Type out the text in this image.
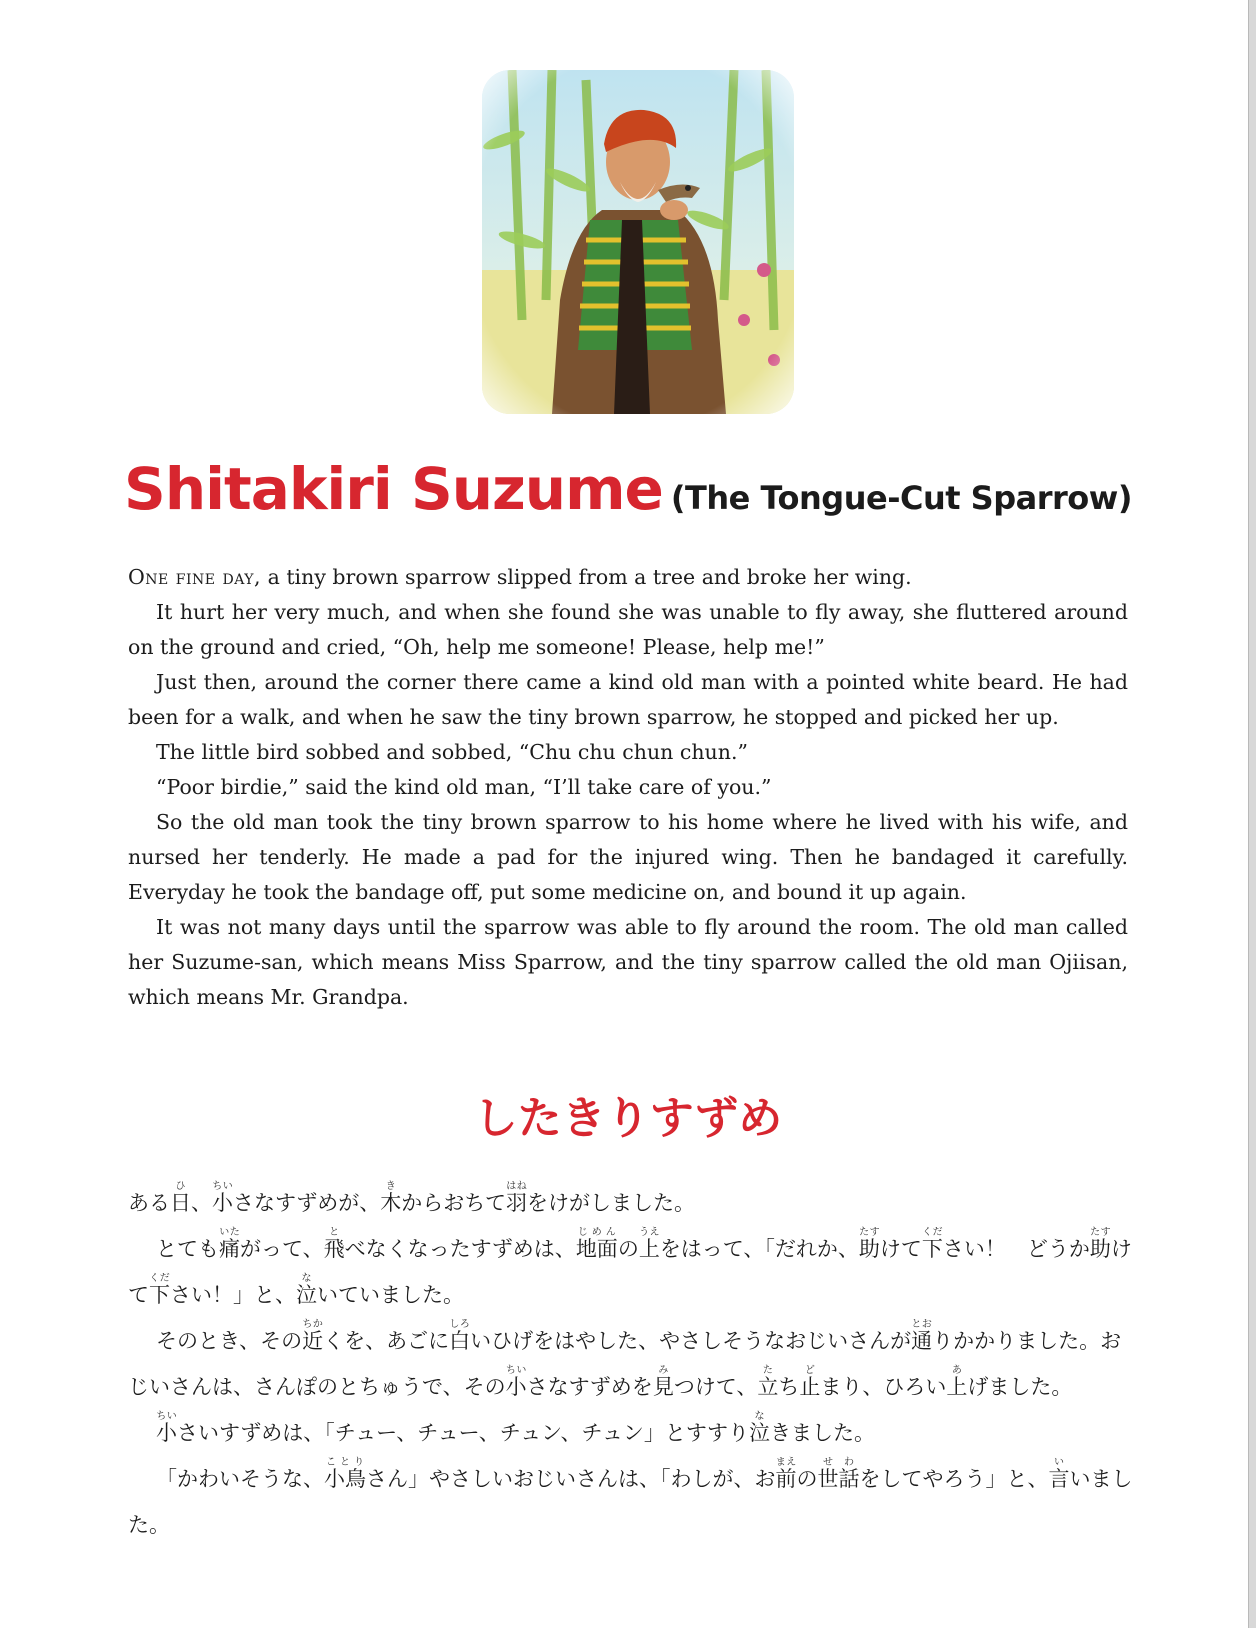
Shitakiri Suzume (The Tongue-Cut Sparrow)

One fine day, a tiny brown sparrow slipped from a tree and broke her wing.

It hurt her very much, and when she found she was unable to fly away, she fluttered around on the ground and cried, “Oh, help me someone! Please, help me!”

Just then, around the corner there came a kind old man with a pointed white beard. He had been for a walk, and when he saw the tiny brown sparrow, he stopped and picked her up.

The little bird sobbed and sobbed, “Chu chu chun chun.”

“Poor birdie,” said the kind old man, “I’ll take care of you.”

So the old man took the tiny brown sparrow to his home where he lived with his wife, and nursed her tenderly. He made a pad for the injured wing. Then he bandaged it carefully. Everyday he took the bandage off, put some medicine on, and bound it up again.

It was not many days until the sparrow was able to fly around the room. The old man called her Suzume-san, which means Miss Sparrow, and the tiny sparrow called the old man Ojiisan, which means Mr. Grandpa.

したきりすずめ

ある日ひ、小ちいさなすずめが、木きからおちて羽はねをけがしました。

とても痛いたがって、飛とべなくなったすずめは、地面じめんの上うえをはって、「だれか、助たすけて下ください！　どうか助たすけて下ください！」と、泣ないていました。

そのとき、その近ちかくを、あごに白しろいひげをはやした、やさしそうなおじいさんが通とおりかかりました。おじいさんは、さんぽのとちゅうで、その小ちいさなすずめを見みつけて、立たち止どまり、ひろい上あげました。

小ちいさいすずめは、「チュー、チュー、チュン、チュン」とすすり泣なきました。

「かわいそうな、小鳥ことりさん」やさしいおじいさんは、「わしが、お前まえの世話せわをしてやろう」と、言いいました。
